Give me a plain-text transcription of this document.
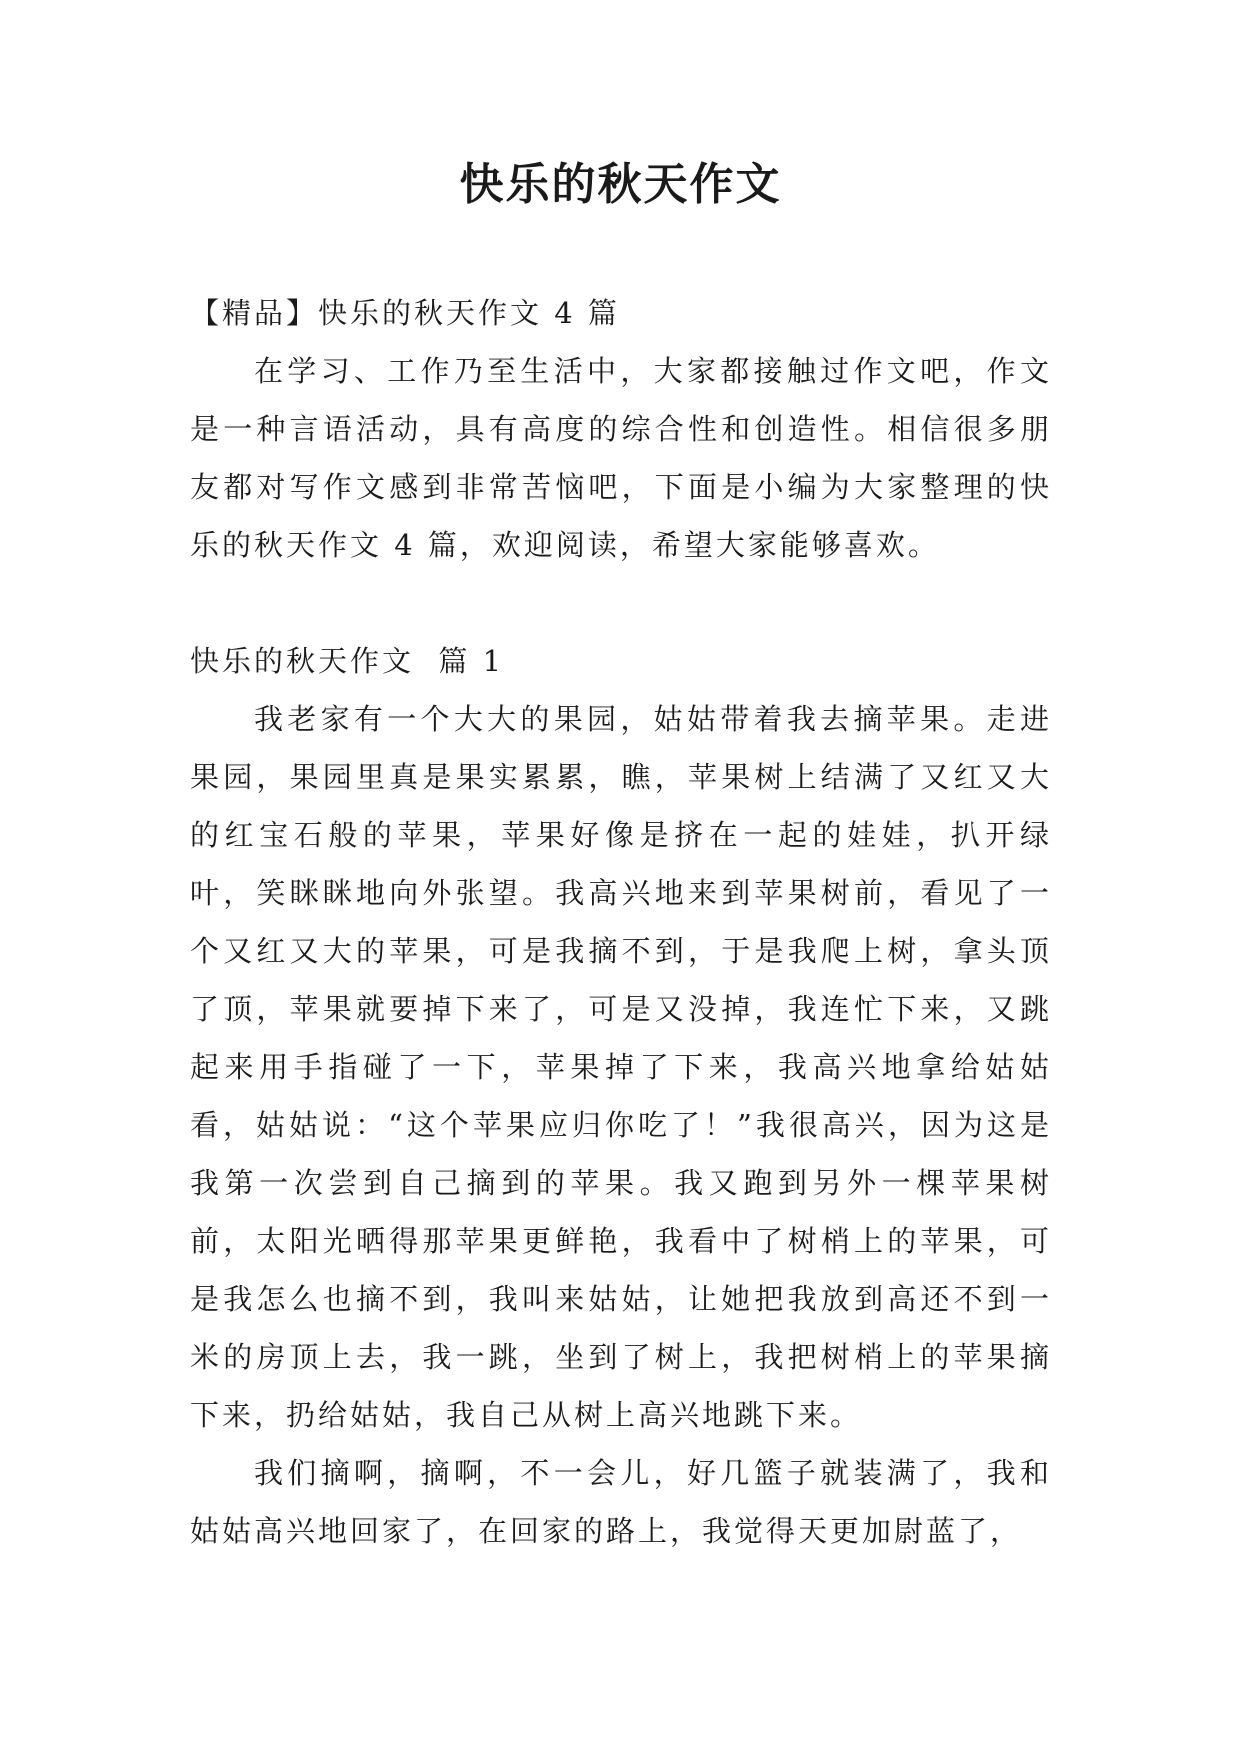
快乐的秋天作文

【精品】快乐的秋天作文 4 篇

在学习、工作乃至生活中，大家都接触过作文吧，作文是一种言语活动，具有高度的综合性和创造性。相信很多朋友都对写作文感到非常苦恼吧，下面是小编为大家整理的快乐的秋天作文 4 篇，欢迎阅读，希望大家能够喜欢。

快乐的秋天作文  篇 1

我老家有一个大大的果园，姑姑带着我去摘苹果。走进果园，果园里真是果实累累，瞧，苹果树上结满了又红又大的红宝石般的苹果，苹果好像是挤在一起的娃娃，扒开绿叶，笑眯眯地向外张望。我高兴地来到苹果树前，看见了一个又红又大的苹果，可是我摘不到，于是我爬上树，拿头顶了顶，苹果就要掉下来了，可是又没掉，我连忙下来，又跳起来用手指碰了一下，苹果掉了下来，我高兴地拿给姑姑看，姑姑说：“这个苹果应归你吃了！”我很高兴，因为这是我第一次尝到自己摘到的苹果。我又跑到另外一棵苹果树前，太阳光晒得那苹果更鲜艳，我看中了树梢上的苹果，可是我怎么也摘不到，我叫来姑姑，让她把我放到高还不到一米的房顶上去，我一跳，坐到了树上，我把树梢上的苹果摘下来，扔给姑姑，我自己从树上高兴地跳下来。

我们摘啊，摘啊，不一会儿，好几篮子就装满了，我和姑姑高兴地回家了，在回家的路上，我觉得天更加尉蓝了，
